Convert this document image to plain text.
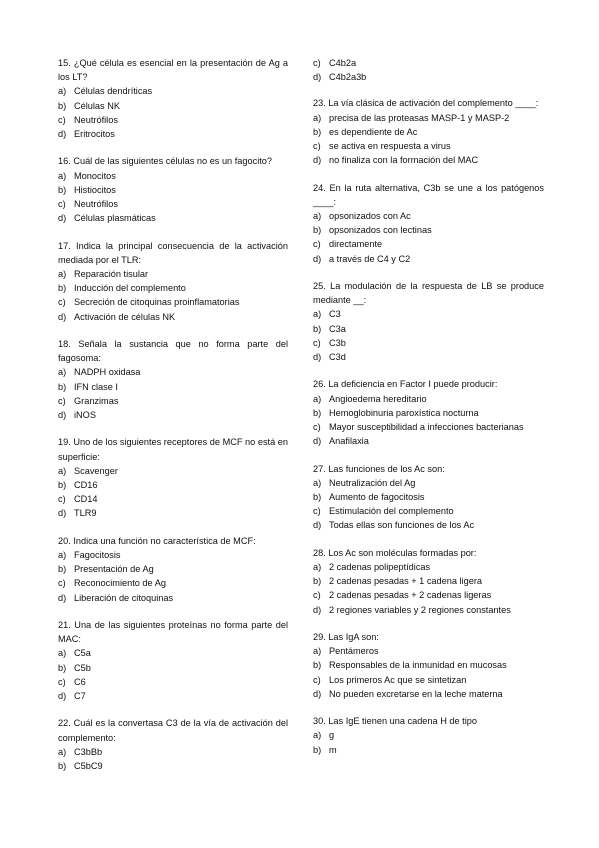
15. ¿Qué célula es esencial en la presentación de Ag a los LT?
a) Células dendríticas
b) Células NK
c) Neutrófilos
d) Eritrocitos
16. Cuál de las siguientes células no es un fagocito?
a) Monocitos
b) Histiocitos
c) Neutrófilos
d) Células plasmáticas
17. Indica la principal consecuencia de la activación mediada por el TLR:
a) Reparación tisular
b) Inducción del complemento
c) Secreción de citoquinas proinflamatorias
d) Activación de células NK
18. Señala la sustancia que no forma parte del fagosoma:
a) NADPH oxidasa
b) IFN clase I
c) Granzimas
d) iNOS
19. Uno de los siguientes receptores de MCF no está en superficie:
a) Scavenger
b) CD16
c) CD14
d) TLR9
20. Indica una función no característica de MCF:
a) Fagocitosis
b) Presentación de Ag
c) Reconocimiento de Ag
d) Liberación de citoquinas
21. Una de las siguientes proteínas no forma parte del MAC:
a) C5a
b) C5b
c) C6
d) C7
22. Cuál es la convertasa C3 de la vía de activación del complemento:
a) C3bBb
b) C5bC9
c) C4b2a
d) C4b2a3b
23. La vía clásica de activación del complemento ____:
a) precisa de las proteasas MASP-1 y MASP-2
b) es dependiente de Ac
c) se activa en respuesta a virus
d) no finaliza con la formación del MAC
24. En la ruta alternativa, C3b se une a los patógenos ____:
a) opsonizados con Ac
b) opsonizados con lectinas
c) directamente
d) a través de C4 y C2
25. La modulación de la respuesta de LB se produce mediante __:
a) C3
b) C3a
c) C3b
d) C3d
26. La deficiencia en Factor I puede producir:
a) Angioedema hereditario
b) Hemoglobinuria paroxística nocturna
c) Mayor susceptibilidad a infecciones bacterianas
d) Anafilaxia
27. Las funciones de los Ac son:
a) Neutralización del Ag
b) Aumento de fagocitosis
c) Estimulación del complemento
d) Todas ellas son funciones de los Ac
28. Los Ac son moléculas formadas por:
a) 2 cadenas polipeptídicas
b) 2 cadenas pesadas + 1 cadena ligera
c) 2 cadenas pesadas + 2 cadenas ligeras
d) 2 regiones variables y 2 regiones constantes
29. Las IgA son:
a) Pentámeros
b) Responsables de la inmunidad en mucosas
c) Los primeros Ac que se sintetizan
d) No pueden excretarse en la leche materna
30. Las IgE tienen una cadena H de tipo
a) g
b) m
